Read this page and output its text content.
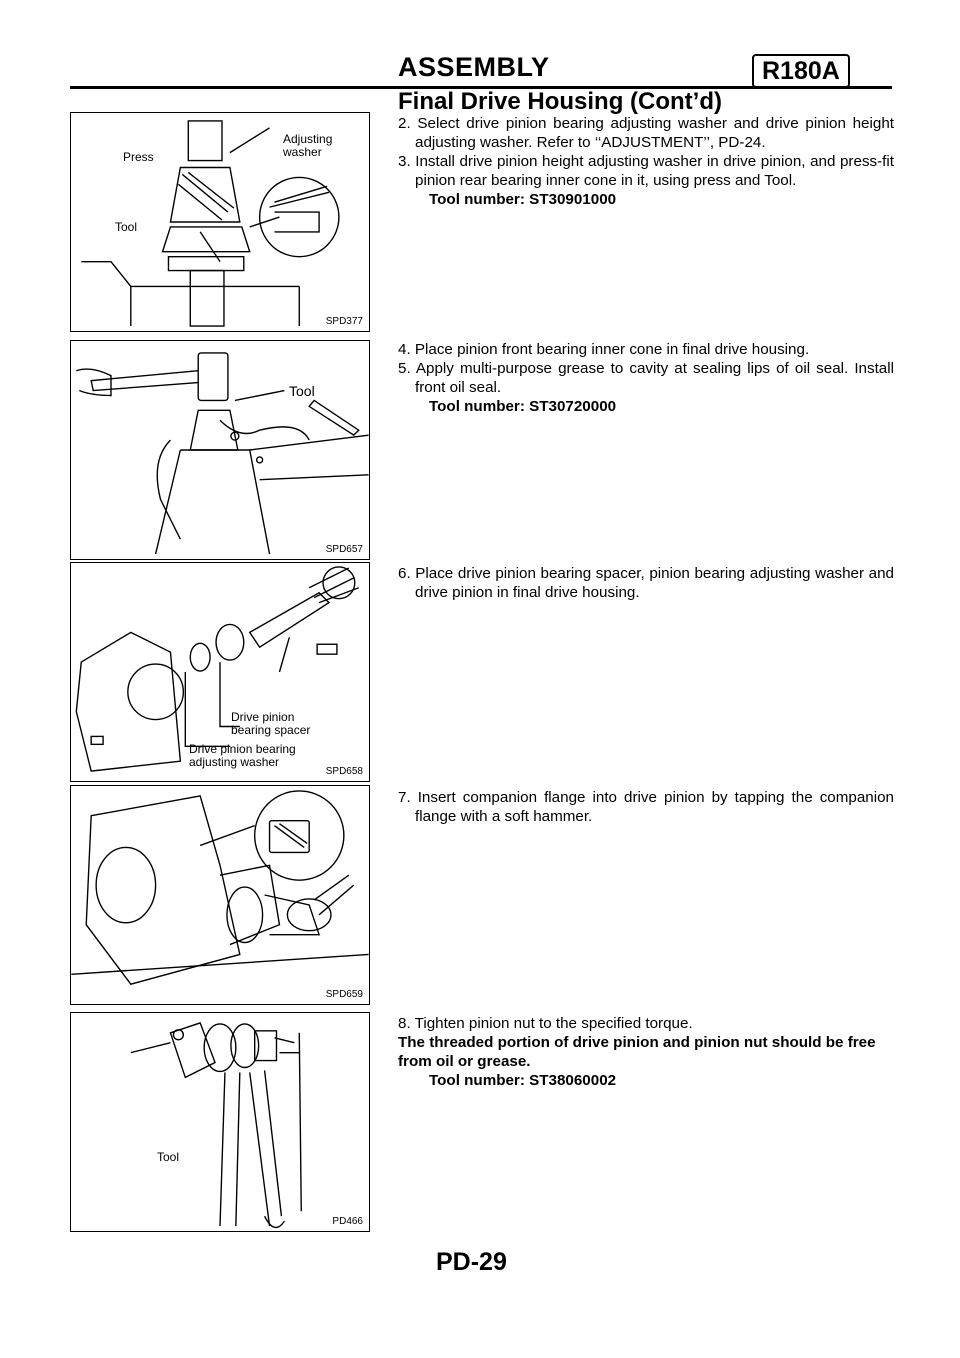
ASSEMBLY	R180A
Final Drive Housing (Cont’d)
Press
Adjusting
washer
Tool
SPD377
Tool
SPD657
Drive pinion
bearing spacer
Drive pinion bearing
adjusting washer
SPD658
SPD659
Tool
PD466

2. Select drive pinion bearing adjusting washer and drive pinion height adjusting washer. Refer to ‘‘ADJUSTMENT’’, PD-24.

3. Install drive pinion height adjusting washer in drive pinion, and press-fit pinion rear bearing inner cone in it, using press and Tool.

Tool number: ST30901000

4. Place pinion front bearing inner cone in final drive housing.

5. Apply multi-purpose grease to cavity at sealing lips of oil seal. Install front oil seal.

Tool number: ST30720000

6. Place drive pinion bearing spacer, pinion bearing adjusting washer and drive pinion in final drive housing.

7. Insert companion flange into drive pinion by tapping the companion flange with a soft hammer.

8. Tighten pinion nut to the specified torque.

The threaded portion of drive pinion and pinion nut should be free from oil or grease.

Tool number: ST38060002

PD-29
